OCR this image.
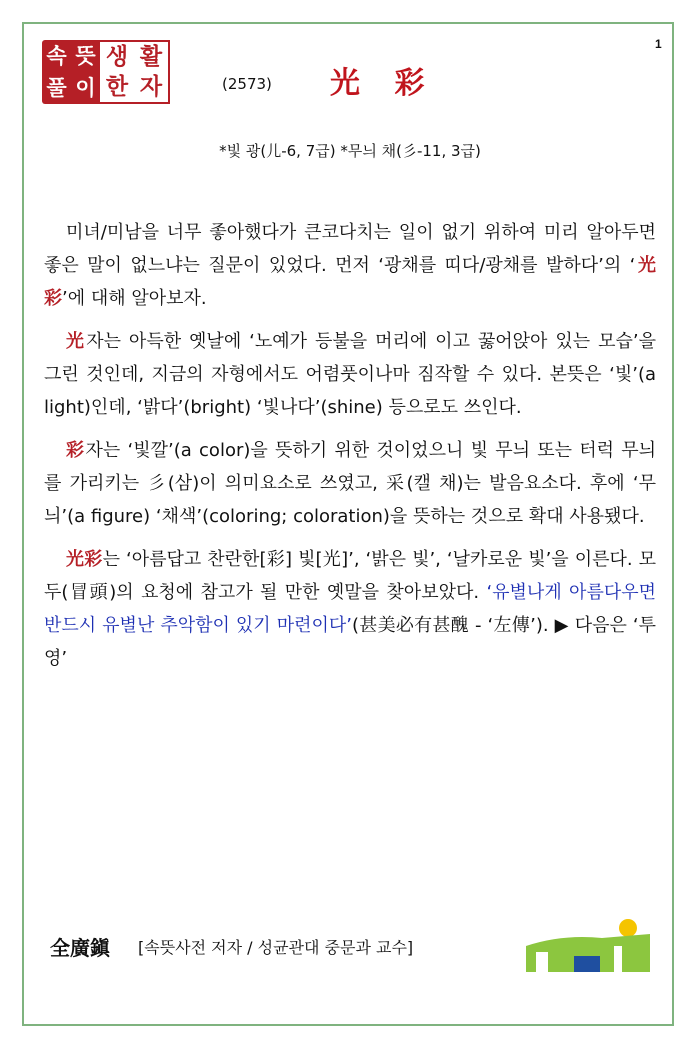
1
속 뜻
풀 이
생 활
한 자	(2573) 光 彩
*빛 광(儿-6, 7급) *무늬 채(彡-11, 3급)

미녀/미남을 너무 좋아했다가 큰코다치는 일이 없기 위하여 미리 알아두면 좋은 말이 없느냐는 질문이 있었다. 먼저 ‘광채를 띠다/광채를 발하다’의 ‘光彩’에 대해 알아보자.

光자는 아득한 옛날에 ‘노예가 등불을 머리에 이고 꿇어앉아 있는 모습’을 그린 것인데, 지금의 자형에서도 어렴풋이나마 짐작할 수 있다. 본뜻은 ‘빛’(a light)인데, ‘밝다’(bright) ‘빛나다’(shine) 등으로도 쓰인다.

彩자는 ‘빛깔’(a color)을 뜻하기 위한 것이었으니 빛 무늬 또는 터럭 무늬를 가리키는 彡(삼)이 의미요소로 쓰였고, 采(캘 채)는 발음요소다. 후에 ‘무늬’(a figure) ‘채색’(coloring; coloration)을 뜻하는 것으로 확대 사용됐다.

光彩는 ‘아름답고 찬란한[彩] 빛[光]’, ‘밝은 빛’, ‘날카로운 빛’을 이른다. 모두(冒頭)의 요청에 참고가 될 만한 옛말을 찾아보았다. ‘유별나게 아름다우면 반드시 유별난 추악함이 있기 마련이다’(甚美必有甚醜 - ‘左傳’). ▶ 다음은 ‘투영’

全廣鎭 [속뜻사전 저자 / 성균관대 중문과 교수]
